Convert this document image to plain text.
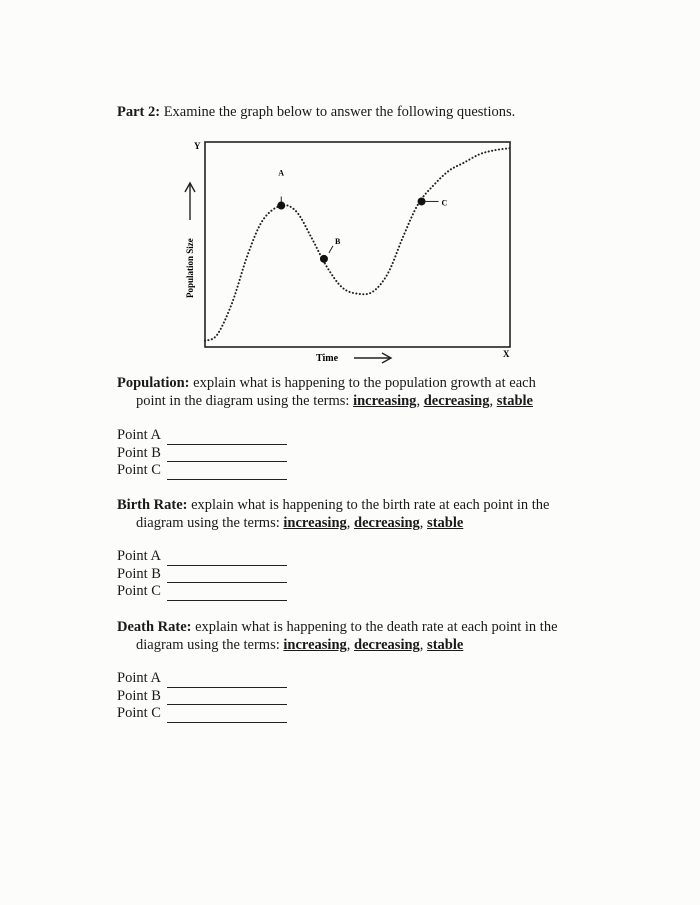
Part 2: Examine the graph below to answer the following questions.
Y
X
Population Size
Time
A
B
C
Population: explain what is happening to the population growth at each
point in the diagram using the terms: increasing, decreasing, stable
Point A
Point B
Point C
Birth Rate: explain what is happening to the birth rate at each point in the
diagram using the terms: increasing, decreasing, stable
Point A
Point B
Point C
Death Rate: explain what is happening to the death rate at each point in the
diagram using the terms: increasing, decreasing, stable
Point A
Point B
Point C
